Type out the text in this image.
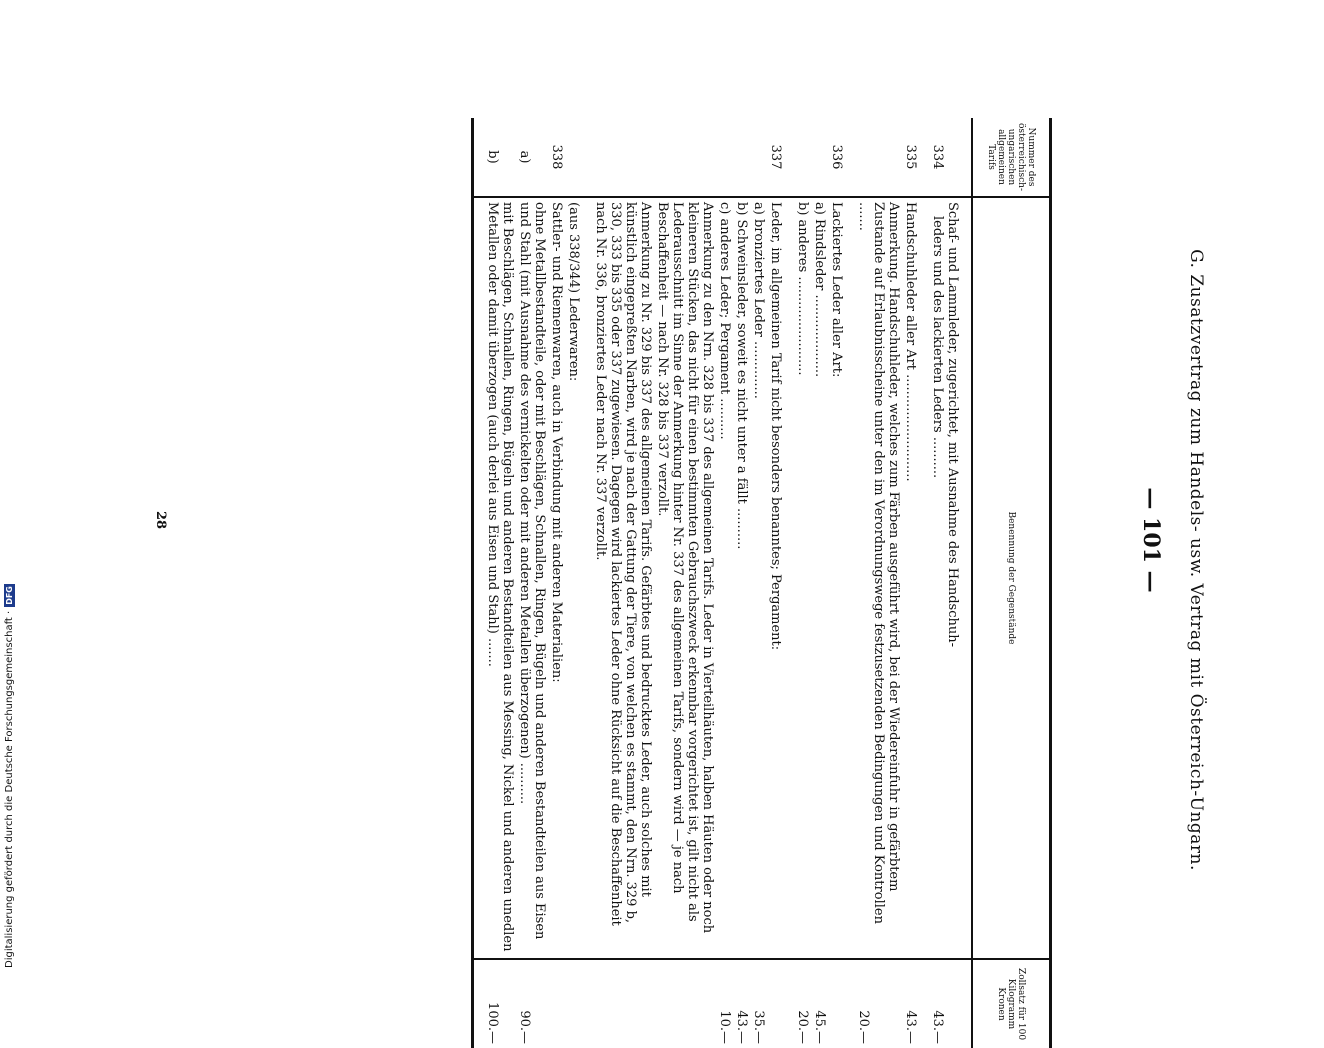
G. Zusatzvertrag zum Handels- usw. Vertrag mit Österreich-Ungarn.
— 101 —
Nummer des österreichisch-ungarischen allgemeinen Tarifs	Benennung der Gegenstände	Zollsatz für 100 Kilogramm Kronen

334	Schaf- und Lammleder, zugerichtet, mit Ausnahme des Handschuh-
leders und des lackierten Leders ..........	43.—

335	Handschuhleder aller Art ..........................	43.—
	Anmerkung. Handschuhleder, welches zum Färben ausgeführt wird, bei der Wiedereinfuhr in gefärbtem Zustande auf Erlaubnisscheine unter den im Verordnungswege festzusetzenden Bedingungen und Kontrollen .......	20.—

336	Lackiertes Leder aller Art:	
	a) Rindsleder ....................	45.—
	b) anderes ........................	20.—

337	Leder, im allgemeinen Tarif nicht besonders benanntes; Pergament:	
	a) bronziertes Leder ..............	35.—
	b) Schweinsleder, soweit es nicht unter a fällt ..........	43.—
	c) anderes Leder; Pergament ..........	10.—
	Anmerkung zu den Nrn. 328 bis 337 des allgemeinen Tarifs. Leder in Vierteilhäuten, halben Häuten oder noch kleineren Stücken, das nicht für einen bestimmten Gebrauchszweck erkennbar vorgerichtet ist, gilt nicht als Lederausschnitt im Sinne der Anmerkung hinter Nr. 337 des allgemeinen Tarifs, sondern wird — je nach Beschaffenheit — nach Nr. 328 bis 337 verzollt.	
	Anmerkung zu Nr. 329 bis 337 des allgemeinen Tarifs. Gefärbtes und bedrucktes Leder, auch solches mit künstlich eingepreßten Narben, wird je nach der Gattung der Tiere, von welchen es stammt, den Nrn. 329 b, 330, 333 bis 335 oder 337 zugewiesen. Dagegen wird lackiertes Leder ohne Rücksicht auf die Beschaffenheit nach Nr. 336, bronziertes Leder nach Nr. 337 verzollt.	

	(aus 338/344) Lederwaren:	
338	Sattler- und Riemenwaren, auch in Verbindung mit anderen Materialien:	
a)	ohne Metallbestandteile, oder mit Beschlägen, Schnallen, Ringen, Bügeln und anderen Bestandteilen aus Eisen und Stahl (mit Ausnahme des vernickelten oder mit anderen Metallen überzogenen) ..........	90.—
b)	mit Beschlägen, Schnallen, Ringen, Bügeln und anderen Bestandteilen aus Messing, Nickel und anderen unedlen Metallen oder damit überzogen (auch derlei aus Eisen und Stahl) .......	100.—

28
Digitalisierung gefördert durch die Deutsche Forschungsgemeinschaft ·
DFG
